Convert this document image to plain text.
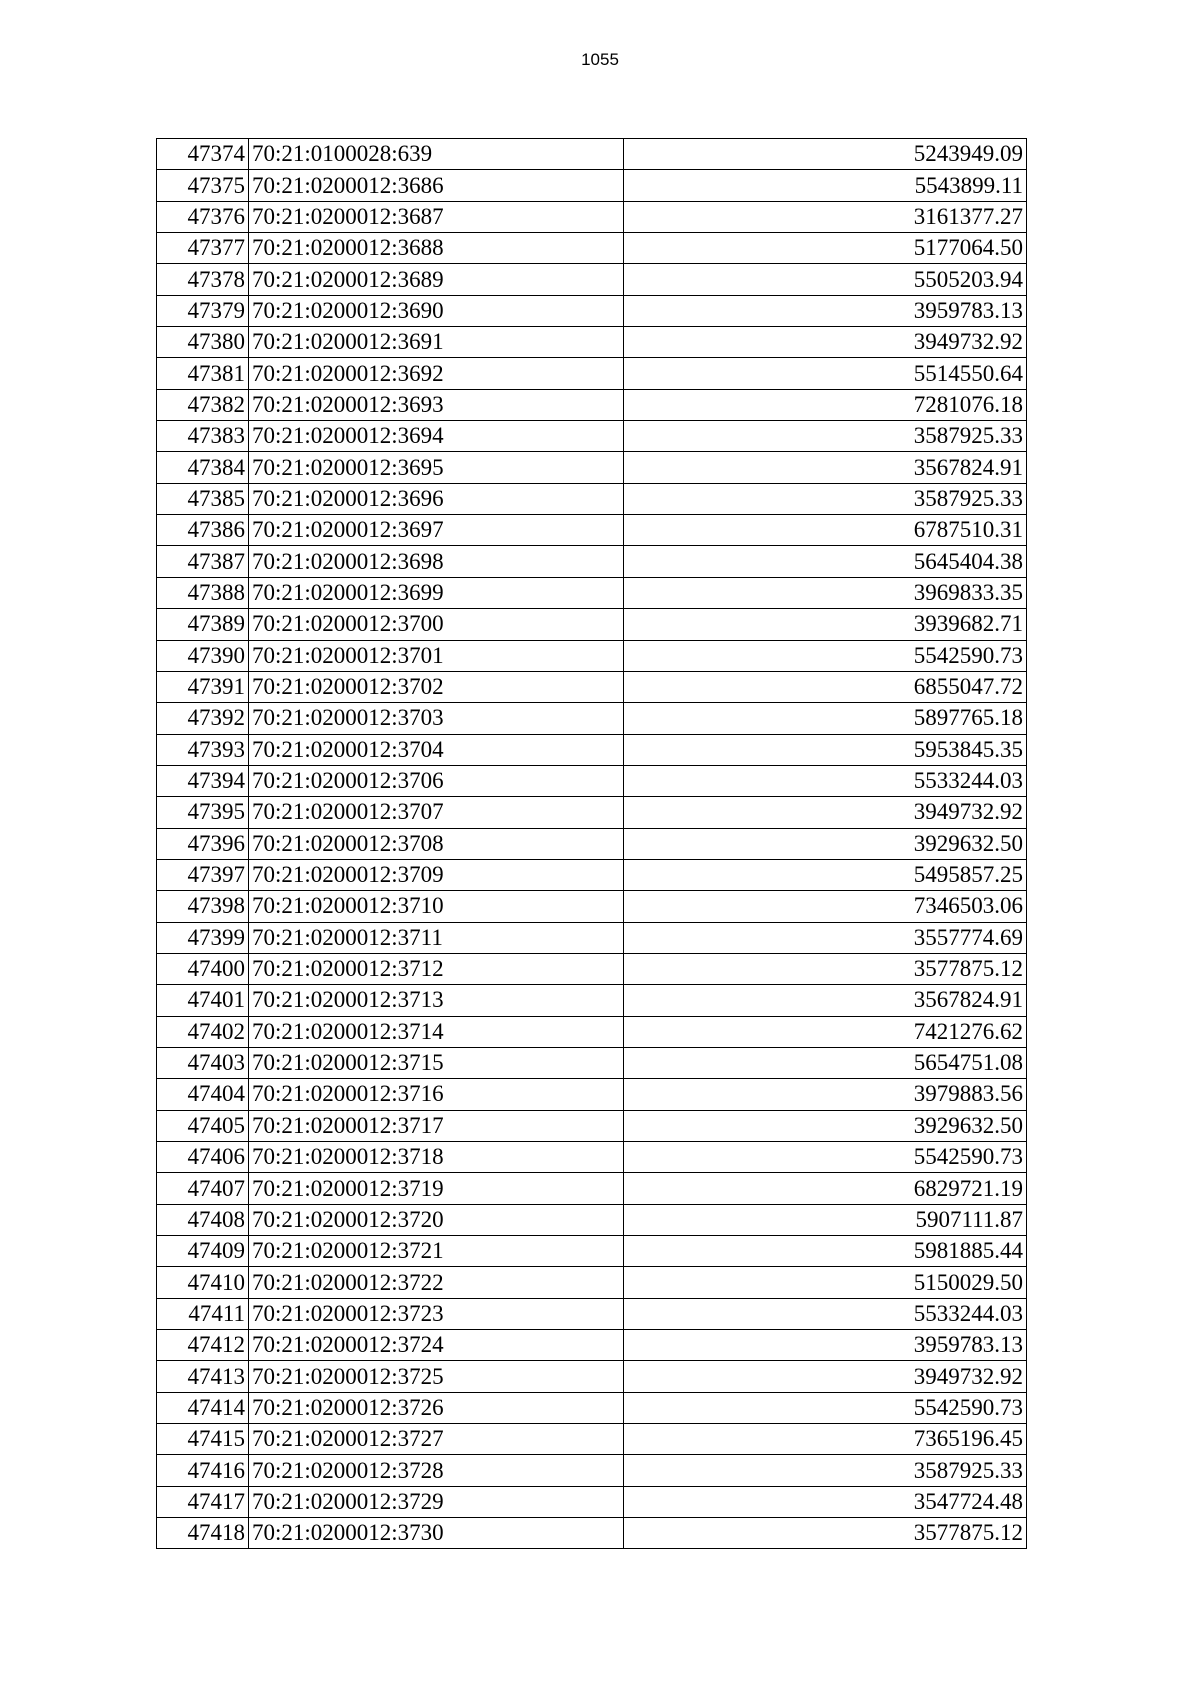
1055
47374	70:21:0100028:639	5243949.09
47375	70:21:0200012:3686	5543899.11
47376	70:21:0200012:3687	3161377.27
47377	70:21:0200012:3688	5177064.50
47378	70:21:0200012:3689	5505203.94
47379	70:21:0200012:3690	3959783.13
47380	70:21:0200012:3691	3949732.92
47381	70:21:0200012:3692	5514550.64
47382	70:21:0200012:3693	7281076.18
47383	70:21:0200012:3694	3587925.33
47384	70:21:0200012:3695	3567824.91
47385	70:21:0200012:3696	3587925.33
47386	70:21:0200012:3697	6787510.31
47387	70:21:0200012:3698	5645404.38
47388	70:21:0200012:3699	3969833.35
47389	70:21:0200012:3700	3939682.71
47390	70:21:0200012:3701	5542590.73
47391	70:21:0200012:3702	6855047.72
47392	70:21:0200012:3703	5897765.18
47393	70:21:0200012:3704	5953845.35
47394	70:21:0200012:3706	5533244.03
47395	70:21:0200012:3707	3949732.92
47396	70:21:0200012:3708	3929632.50
47397	70:21:0200012:3709	5495857.25
47398	70:21:0200012:3710	7346503.06
47399	70:21:0200012:3711	3557774.69
47400	70:21:0200012:3712	3577875.12
47401	70:21:0200012:3713	3567824.91
47402	70:21:0200012:3714	7421276.62
47403	70:21:0200012:3715	5654751.08
47404	70:21:0200012:3716	3979883.56
47405	70:21:0200012:3717	3929632.50
47406	70:21:0200012:3718	5542590.73
47407	70:21:0200012:3719	6829721.19
47408	70:21:0200012:3720	5907111.87
47409	70:21:0200012:3721	5981885.44
47410	70:21:0200012:3722	5150029.50
47411	70:21:0200012:3723	5533244.03
47412	70:21:0200012:3724	3959783.13
47413	70:21:0200012:3725	3949732.92
47414	70:21:0200012:3726	5542590.73
47415	70:21:0200012:3727	7365196.45
47416	70:21:0200012:3728	3587925.33
47417	70:21:0200012:3729	3547724.48
47418	70:21:0200012:3730	3577875.12
